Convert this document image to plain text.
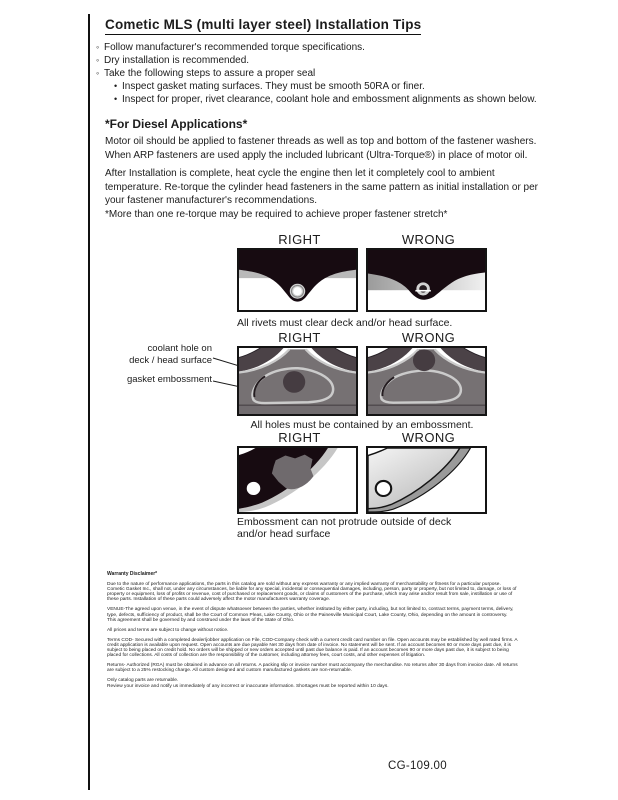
Cometic MLS (multi layer steel) Installation Tips
◦ Follow manufacturer's recommended torque specifications.
◦ Dry installation is recommended.
◦ Take the following steps to assure a proper seal
• Inspect gasket mating surfaces. They must be smooth 50RA or finer.
• Inspect for proper, rivet clearance, coolant hole and embossment alignments as shown below.
*For Diesel Applications*

Motor oil should be applied to fastener threads as well as top and bottom of the fastener washers. When ARP fasteners are used apply the included lubricant (Ultra-Torque®) in place of motor oil.

After Installation is complete, heat cycle the engine then let it completely cool to ambient temperature. Re-torque the cylinder head fasteners in the same pattern as initial installation or per your fastener manufacturer's recommendations.

*More than one re-torque may be required to achieve proper fastener stretch*

RIGHT	WRONG
All rivets must clear deck and/or head surface.
RIGHT	WRONG
coolant hole on
deck / head surface
gasket embossment
All holes must be contained by an embossment.
RIGHT	WRONG
Embossment can not protrude outside of deck and/or head surface

Warranty Disclaimer*

Due to the nature of performance applications, the parts in this catalog are sold without any express warranty or any implied warranty of merchantability or fitness for a particular purpose. Cometic Gasket Inc., shall not, under any circumstances, be liable for any special, incidental or consequential damages, including, person, party or property, but not limited to, damage, or loss of property or equipment, loss of profits or revenue, cost of purchased or replacement goods, or claims of customers of the purchase, which may arise and/or result from sale, instillation or use of these parts. Installation of these parts could adversely affect the motor manufacturers warranty coverage.

VENUE-The agreed upon venue, in the event of dispute whatsoever between the parties, whether instituted by either party, including, but not limited to, contract terms, payment terms, delivery, type, defects, sufficiency of product, shall be the Court of Common Pleas, Lake County, Ohio or the Painesville Municipal Court, Lake County, Ohio, depending on the amount in controversy.
This agreement shall be governed by and construed under the laws of the State of Ohio.

All prices and terms are subject to change without notice.

Terms COD- Secured with a completed dealer/jobber application on File, COD-Company check with a current credit card number on file. Open accounts may be established by well rated firms. A credit application is available upon request. Open accounts are due payable Net 30 days from date of invoice. No statement will be sent. If an account becomes 60 or more days past due, it is subject to being placed on credit hold. No orders will be shipped or new orders accepted until past due balance is paid. If an account becomes 90 or more days past due, it is subject to being placed for collections. All costs of collection are the responsibility of the customer, including attorney fees, court costs, and other expenses of litigation.

Returns- Authorized (RGA) must be obtained in advance on all returns. A packing slip or invoice number must accompany the merchandise. No returns after 30 days from invoice date. All returns are subject to a 25% restocking charge. All custom designed and custom manufactured gaskets are non-returnable.

Only catalog parts are returnable.
Review your invoice and notify us immediately of any incorrect or inaccurate information. Shortages must be reported within 10 days.

CG-109.00
